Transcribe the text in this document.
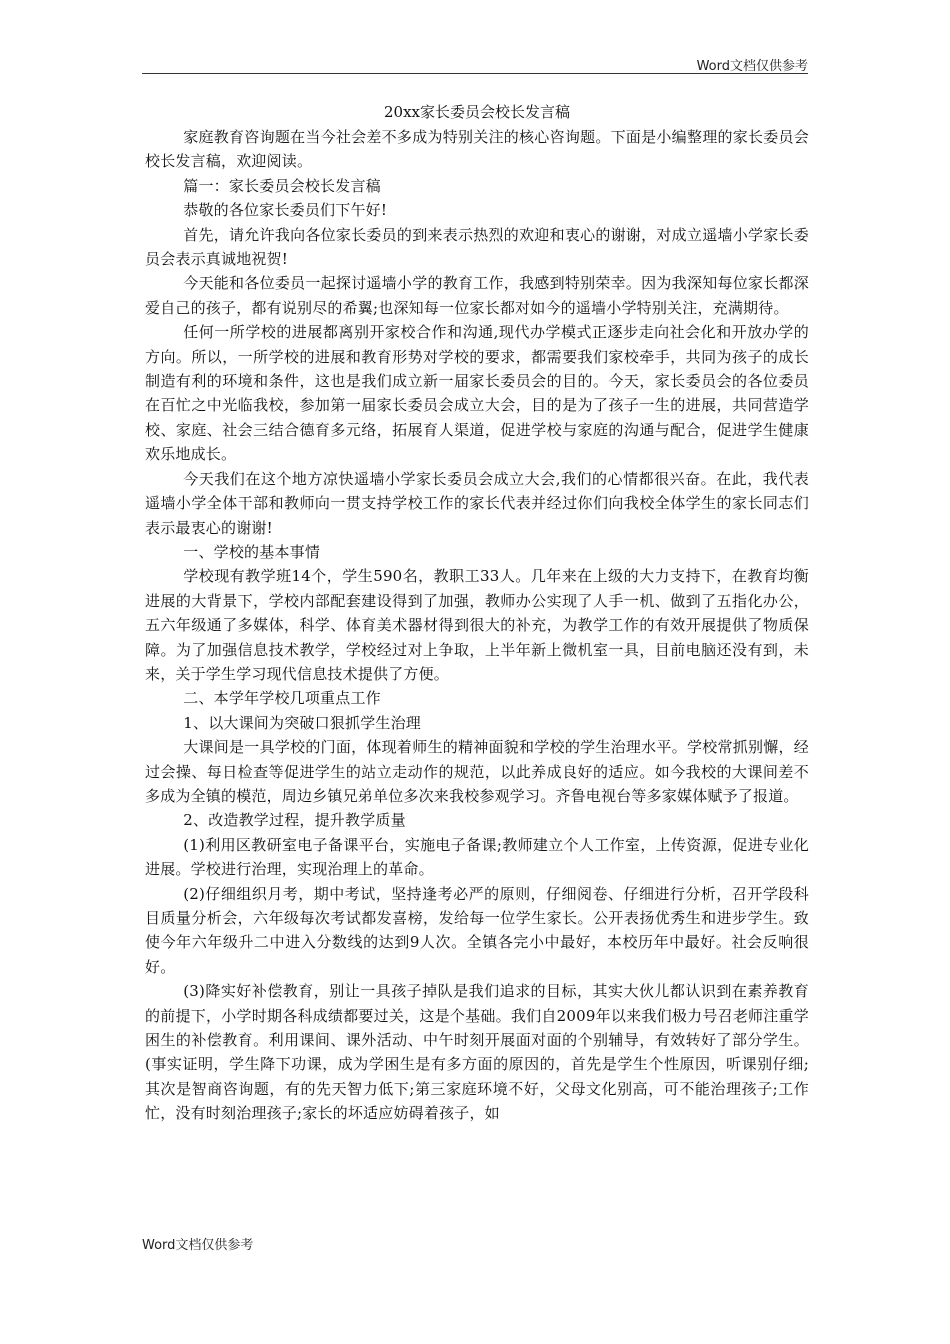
Word文档仅供参考

20xx家长委员会校长发言稿

家庭教育咨询题在当今社会差不多成为特别关注的核心咨询题。下面是小编整理的家长委员会校长发言稿，欢迎阅读。

篇一：家长委员会校长发言稿

恭敬的各位家长委员们下午好!

首先，请允许我向各位家长委员的到来表示热烈的欢迎和衷心的谢谢，对成立遥墙小学家长委员会表示真诚地祝贺!

今天能和各位委员一起探讨遥墙小学的教育工作，我感到特别荣幸。因为我深知每位家长都深爱自己的孩子，都有说别尽的希翼;也深知每一位家长都对如今的遥墙小学特别关注，充满期待。

任何一所学校的进展都离别开家校合作和沟通,现代办学模式正逐步走向社会化和开放办学的方向。所以，一所学校的进展和教育形势对学校的要求，都需要我们家校牵手，共同为孩子的成长制造有利的环境和条件，这也是我们成立新一届家长委员会的目的。今天，家长委员会的各位委员在百忙之中光临我校，参加第一届家长委员会成立大会，目的是为了孩子一生的进展，共同营造学校、家庭、社会三结合德育多元络，拓展育人渠道，促进学校与家庭的沟通与配合，促进学生健康欢乐地成长。

今天我们在这个地方凉快遥墙小学家长委员会成立大会,我们的心情都很兴奋。在此，我代表遥墙小学全体干部和教师向一贯支持学校工作的家长代表并经过你们向我校全体学生的家长同志们表示最衷心的谢谢!

一、学校的基本事情

学校现有教学班14个，学生590名，教职工33人。几年来在上级的大力支持下，在教育均衡进展的大背景下，学校内部配套建设得到了加强，教师办公实现了人手一机、做到了五指化办公，五六年级通了多媒体，科学、体育美术器材得到很大的补充，为教学工作的有效开展提供了物质保障。为了加强信息技术教学，学校经过对上争取，上半年新上微机室一具，目前电脑还没有到，未来，关于学生学习现代信息技术提供了方便。

二、本学年学校几项重点工作

1、以大课间为突破口狠抓学生治理

大课间是一具学校的门面，体现着师生的精神面貌和学校的学生治理水平。学校常抓别懈，经过会操、每日检查等促进学生的站立走动作的规范，以此养成良好的适应。如今我校的大课间差不多成为全镇的模范，周边乡镇兄弟单位多次来我校参观学习。齐鲁电视台等多家媒体赋予了报道。

2、改造教学过程，提升教学质量

(1)利用区教研室电子备课平台，实施电子备课;教师建立个人工作室，上传资源，促进专业化进展。学校进行治理，实现治理上的革命。

(2)仔细组织月考，期中考试，坚持逢考必严的原则，仔细阅卷、仔细进行分析，召开学段科目质量分析会，六年级每次考试都发喜榜，发给每一位学生家长。公开表扬优秀生和进步学生。致使今年六年级升二中进入分数线的达到9人次。全镇各完小中最好，本校历年中最好。社会反响很好。

(3)降实好补偿教育，别让一具孩子掉队是我们追求的目标，其实大伙儿都认识到在素养教育的前提下，小学时期各科成绩都要过关，这是个基础。我们自2009年以来我们极力号召老师注重学困生的补偿教育。利用课间、课外活动、中午时刻开展面对面的个别辅导，有效转好了部分学生。(事实证明，学生降下功课，成为学困生是有多方面的原因的，首先是学生个性原因，听课别仔细;其次是智商咨询题，有的先天智力低下;第三家庭环境不好，父母文化别高，可不能治理孩子;工作忙，没有时刻治理孩子;家长的坏适应妨碍着孩子，如

Word文档仅供参考
